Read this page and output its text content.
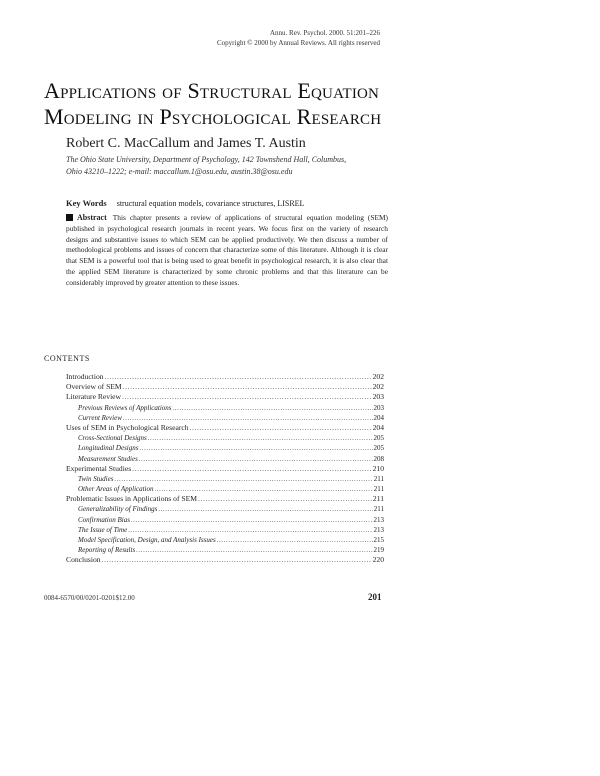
Annu. Rev. Psychol. 2000. 51:201–226
Copyright © 2000 by Annual Reviews. All rights reserved
Applications of Structural Equation
Modeling in Psychological Research
Robert C. MacCallum and James T. Austin
The Ohio State University, Department of Psychology, 142 Townshend Hall, Columbus,
Ohio 43210–1222; e-mail: maccallum.1@osu.edu, austin.38@osu.edu
Key Words structural equation models, covariance structures, LISREL
Abstract This chapter presents a review of applications of structural equation modeling (SEM) published in psychological research journals in recent years. We focus first on the variety of research designs and substantive issues to which SEM can be applied productively. We then discuss a number of methodological problems and issues of concern that characterize some of this literature. Although it is clear that SEM is a powerful tool that is being used to great benefit in psychological research, it is also clear that the applied SEM literature is characterized by some chronic problems and that this literature can be considerably improved by greater attention to these issues.
CONTENTS
Introduction .....	202
Overview of SEM .....	202
Literature Review .....	203
Previous Reviews of Applications .....	203
Current Review .....	204
Uses of SEM in Psychological Research .....	204
Cross-Sectional Designs .....	205
Longitudinal Designs .....	205
Measurement Studies .....	208
Experimental Studies .....	210
Twin Studies .....	211
Other Areas of Application .....	211
Problematic Issues in Applications of SEM .....	211
Generalizability of Findings .....	211
Confirmation Bias .....	213
The Issue of Time .....	213
Model Specification, Design, and Analysis Issues .....	215
Reporting of Results .....	219
Conclusion .....	220
0084-6570/00/0201-0201$12.00	201
